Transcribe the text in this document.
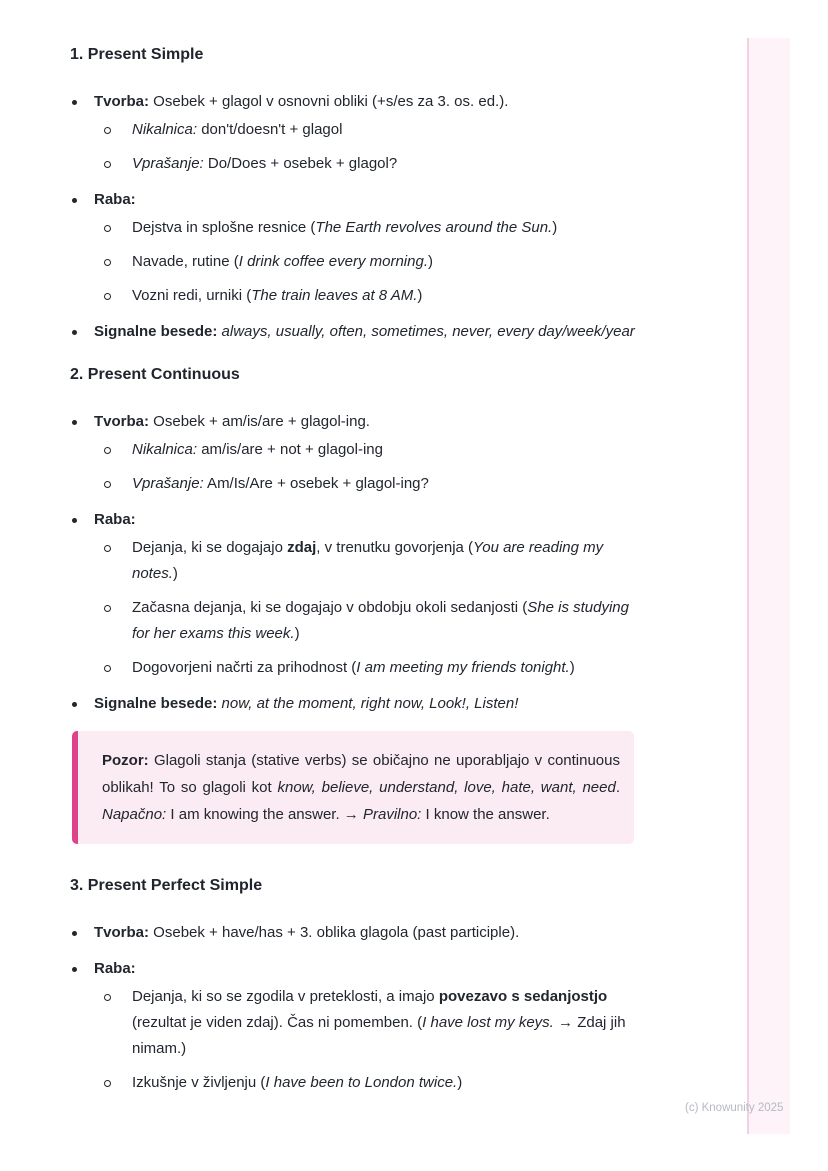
1. Present Simple

Tvorba: Osebek + glagol v osnovni obliki (+s/es za 3. os. ed.).

Nikalnica: don't/doesn't + glagol

Vprašanje: Do/Does + osebek + glagol?

Raba:

Dejstva in splošne resnice (The Earth revolves around the Sun.)

Navade, rutine (I drink coffee every morning.)

Vozni redi, urniki (The train leaves at 8 AM.)

Signalne besede: always, usually, often, sometimes, never, every day/week/year

2. Present Continuous

Tvorba: Osebek + am/is/are + glagol-ing.

Nikalnica: am/is/are + not + glagol-ing

Vprašanje: Am/Is/Are + osebek + glagol-ing?

Raba:

Dejanja, ki se dogajajo zdaj, v trenutku govorjenja (You are reading my notes.)

Začasna dejanja, ki se dogajajo v obdobju okoli sedanjosti (She is studying for her exams this week.)

Dogovorjeni načrti za prihodnost (I am meeting my friends tonight.)

Signalne besede: now, at the moment, right now, Look!, Listen!

Pozor: Glagoli stanja (stative verbs) se običajno ne uporabljajo v continuous oblikah! To so glagoli kot know, believe, understand, love, hate, want, need. Napačno: I am knowing the answer. → Pravilno: I know the answer.

3. Present Perfect Simple

Tvorba: Osebek + have/has + 3. oblika glagola (past participle).

Raba:

Dejanja, ki so se zgodila v preteklosti, a imajo povezavo s sedanjostjo (rezultat je viden zdaj). Čas ni pomemben. (I have lost my keys. → Zdaj jih nimam.)

Izkušnje v življenju (I have been to London twice.)

(c) Knowunity 2025
